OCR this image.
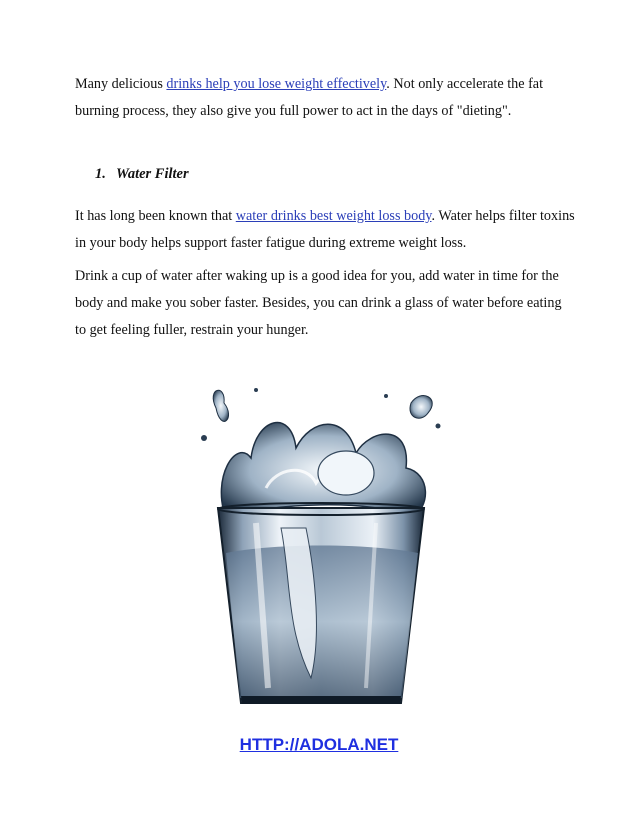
Many delicious drinks help you lose weight effectively. Not only accelerate the fat burning process, they also give you full power to act in the days of "dieting".

1. Water Filter

It has long been known that water drinks best weight loss body. Water helps filter toxins in your body helps support faster fatigue during extreme weight loss.

Drink a cup of water after waking up is a good idea for you, add water in time for the body and make you sober faster. Besides, you can drink a glass of water before eating to get feeling fuller, restrain your hunger.

HTTP://ADOLA.NET
